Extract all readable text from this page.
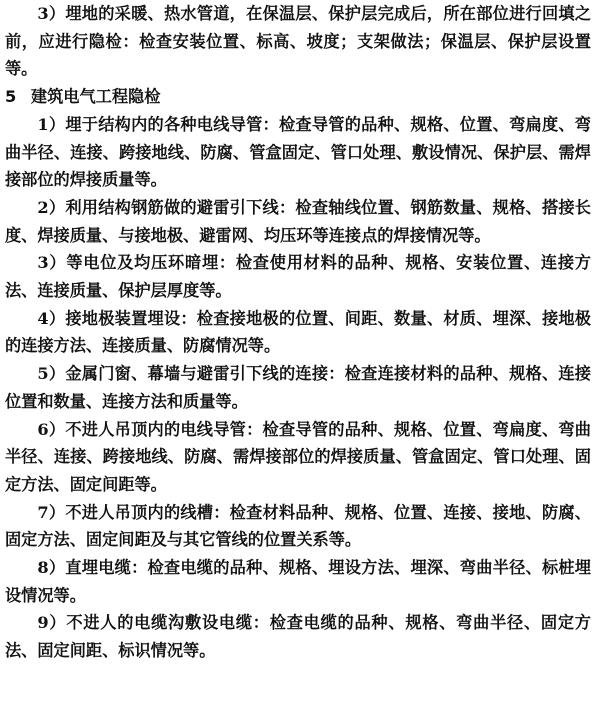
3）埋地的采暖、热水管道，在保温层、保护层完成后，所在部位进行回填之前，应进行隐检：检查安装位置、标高、坡度；支架做法；保温层、保护层设置等。

5 建筑电气工程隐检

1）埋于结构内的各种电线导管：检查导管的品种、规格、位置、弯扁度、弯曲半径、连接、跨接地线、防腐、管盒固定、管口处理、敷设情况、保护层、需焊接部位的焊接质量等。

2）利用结构钢筋做的避雷引下线：检查轴线位置、钢筋数量、规格、搭接长度、焊接质量、与接地极、避雷网、均压环等连接点的焊接情况等。

3）等电位及均压环暗埋：检查使用材料的品种、规格、安装位置、连接方法、连接质量、保护层厚度等。

4）接地极装置埋设：检查接地极的位置、间距、数量、材质、埋深、接地极的连接方法、连接质量、防腐情况等。

5）金属门窗、幕墙与避雷引下线的连接：检查连接材料的品种、规格、连接位置和数量、连接方法和质量等。

6）不进人吊顶内的电线导管：检查导管的品种、规格、位置、弯扁度、弯曲半径、连接、跨接地线、防腐、需焊接部位的焊接质量、管盒固定、管口处理、固定方法、固定间距等。

7）不进人吊顶内的线槽：检查材料品种、规格、位置、连接、接地、防腐、固定方法、固定间距及与其它管线的位置关系等。

8）直埋电缆：检查电缆的品种、规格、埋设方法、埋深、弯曲半径、标桩埋设情况等。

9）不进人的电缆沟敷设电缆：检查电缆的品种、规格、弯曲半径、固定方法、固定间距、标识情况等。
